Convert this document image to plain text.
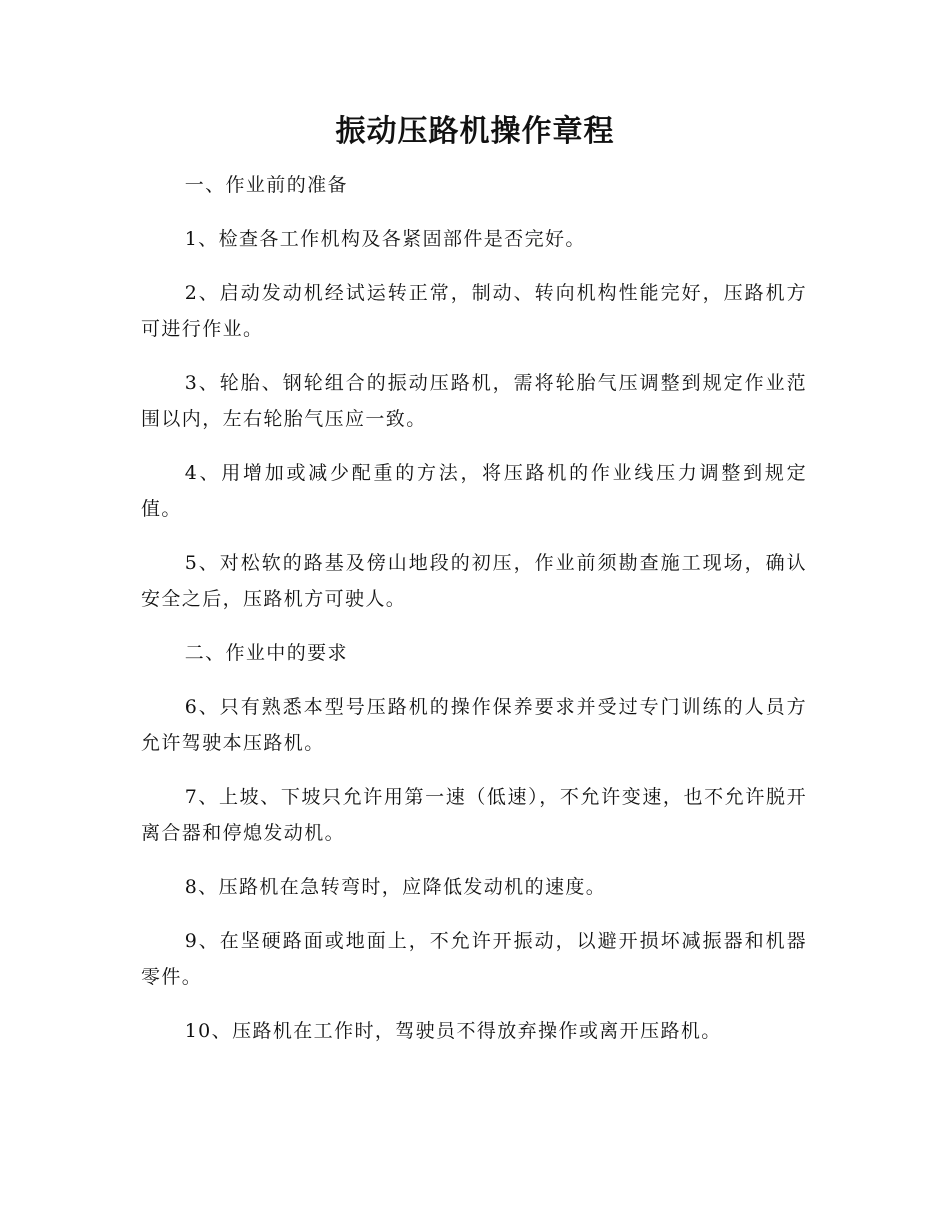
振动压路机操作章程

一、作业前的准备

1、检查各工作机构及各紧固部件是否完好。

2、启动发动机经试运转正常，制动、转向机构性能完好，压路机方可进行作业。

3、轮胎、钢轮组合的振动压路机，需将轮胎气压调整到规定作业范围以内，左右轮胎气压应一致。

4、用增加或减少配重的方法，将压路机的作业线压力调整到规定值。

5、对松软的路基及傍山地段的初压，作业前须勘查施工现场，确认安全之后，压路机方可驶人。

二、作业中的要求

6、只有熟悉本型号压路机的操作保养要求并受过专门训练的人员方允许驾驶本压路机。

7、上坡、下坡只允许用第一速（低速），不允许变速，也不允许脱开离合器和停熄发动机。

8、压路机在急转弯时，应降低发动机的速度。

9、在坚硬路面或地面上，不允许开振动，以避开损坏减振器和机器零件。

10、压路机在工作时，驾驶员不得放弃操作或离开压路机。
